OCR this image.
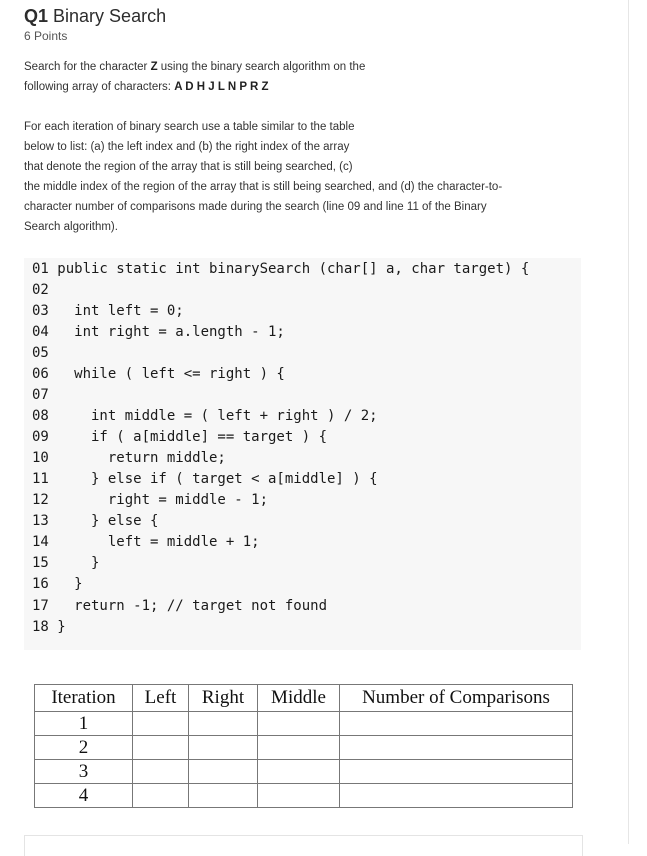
Q1 Binary Search
6 Points
Search for the character Z using the binary search algorithm on the
following array of characters: A D H J L N P R Z
For each iteration of binary search use a table similar to the table
below to list: (a) the left index and (b) the right index of the array
that denote the region of the array that is still being searched, (c)
the middle index of the region of the array that is still being searched, and (d) the character-to-
character number of comparisons made during the search (line 09 and line 11 of the Binary
Search algorithm).
01 public static int binarySearch (char[] a, char target) {
02
03   int left = 0;
04   int right = a.length - 1;
05
06   while ( left <= right ) {
07
08     int middle = ( left + right ) / 2;
09     if ( a[middle] == target ) {
10       return middle;
11     } else if ( target < a[middle] ) {
12       right = middle - 1;
13     } else {
14       left = middle + 1;
15     }
16   }
17   return -1; // target not found
18 }
Iteration	Left	Right	Middle	Number of Comparisons
1				
2				
3				
4				
